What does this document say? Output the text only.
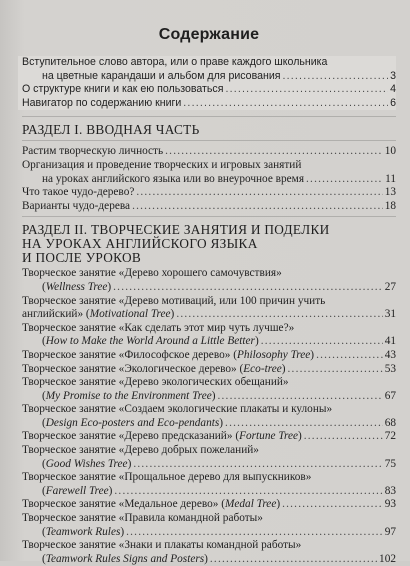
Содержание
Вступительное слово автора, или о праве каждого школьника
на цветные карандаши и альбом для рисования .....	3
О структуре книги и как ею пользоваться .....	4
Навигатор по содержанию книги .....	6
РАЗДЕЛ I. ВВОДНАЯ ЧАСТЬ
Растим творческую личность .....	10
Организация и проведение творческих и игровых занятий
на уроках английского языка или во внеурочное время .....	11
Что такое чудо-дерево? .....	13
Варианты чудо-дерева .....	18
РАЗДЕЛ II. ТВОРЧЕСКИЕ ЗАНЯТИЯ И ПОДЕЛКИ
НА УРОКАХ АНГЛИЙСКОГО ЯЗЫКА
И ПОСЛЕ УРОКОВ
Творческое занятие «Дерево хорошего самочувствия»
(Wellness Tree) .....	27
Творческое занятие «Дерево мотиваций, или 100 причин учить
английский» (Motivational Tree) .....	31
Творческое занятие «Как сделать этот мир чуть лучше?»
(How to Make the World Around a Little Better) .....	41
Творческое занятие «Философское дерево» (Philosophy Tree) .....	43
Творческое занятие «Экологическое дерево» (Eco-tree) .....	53
Творческое занятие «Дерево экологических обещаний»
(My Promise to the Environment Tree) .....	67
Творческое занятие «Создаем экологические плакаты и кулоны»
(Design Eco-posters and Eco-pendants) .....	68
Творческое занятие «Дерево предсказаний» (Fortune Tree) .....	72
Творческое занятие «Дерево добрых пожеланий»
(Good Wishes Tree) .....	75
Творческое занятие «Прощальное дерево для выпускников»
(Farewell Tree) .....	83
Творческое занятие «Медальное дерево» (Medal Tree) .....	93
Творческое занятие «Правила командной работы»
(Teamwork Rules) .....	97
Творческое занятие «Знаки и плакаты командной работы»
(Teamwork Rules Signs and Posters) .....	102
